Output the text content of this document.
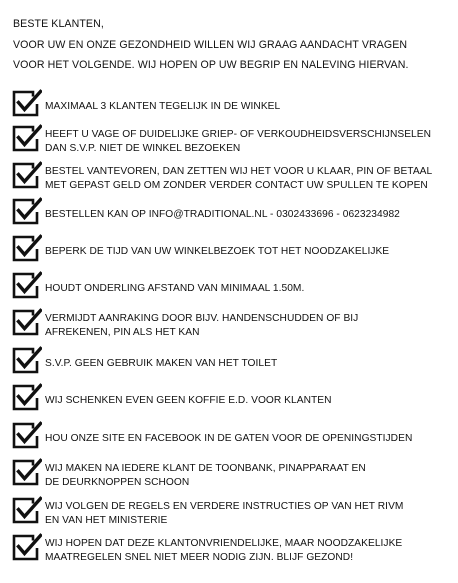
BESTE KLANTEN,
VOOR UW EN ONZE GEZONDHEID WILLEN WIJ GRAAG AANDACHT VRAGEN
VOOR HET VOLGENDE. WIJ HOPEN OP UW BEGRIP EN NALEVING HIERVAN.
MAXIMAAL 3 KLANTEN TEGELIJK IN DE WINKEL
HEEFT U VAGE OF DUIDELIJKE GRIEP- OF VERKOUDHEIDSVERSCHIJNSELEN
DAN S.V.P. NIET DE WINKEL BEZOEKEN
BESTEL VANTEVOREN, DAN ZETTEN WIJ HET VOOR U KLAAR, PIN OF BETAAL
MET GEPAST GELD OM ZONDER VERDER CONTACT UW SPULLEN TE KOPEN
BESTELLEN KAN OP INFO@TRADITIONAL.NL - 0302433696 - 0623234982
BEPERK DE TIJD VAN UW WINKELBEZOEK TOT HET NOODZAKELIJKE
HOUDT ONDERLING AFSTAND VAN MINIMAAL 1.50M.
VERMIJDT AANRAKING DOOR BIJV. HANDENSCHUDDEN OF BIJ
AFREKENEN, PIN ALS HET KAN
S.V.P. GEEN GEBRUIK MAKEN VAN HET TOILET
WIJ SCHENKEN EVEN GEEN KOFFIE E.D. VOOR KLANTEN
HOU ONZE SITE EN FACEBOOK IN DE GATEN VOOR DE OPENINGSTIJDEN
WIJ MAKEN NA IEDERE KLANT DE TOONBANK, PINAPPARAAT EN
DE DEURKNOPPEN SCHOON
WIJ VOLGEN DE REGELS EN VERDERE INSTRUCTIES OP VAN HET RIVM
EN VAN HET MINISTERIE
WIJ HOPEN DAT DEZE KLANTONVRIENDELIJKE, MAAR NOODZAKELIJKE
MAATREGELEN SNEL NIET MEER NODIG ZIJN. BLIJF GEZOND!
